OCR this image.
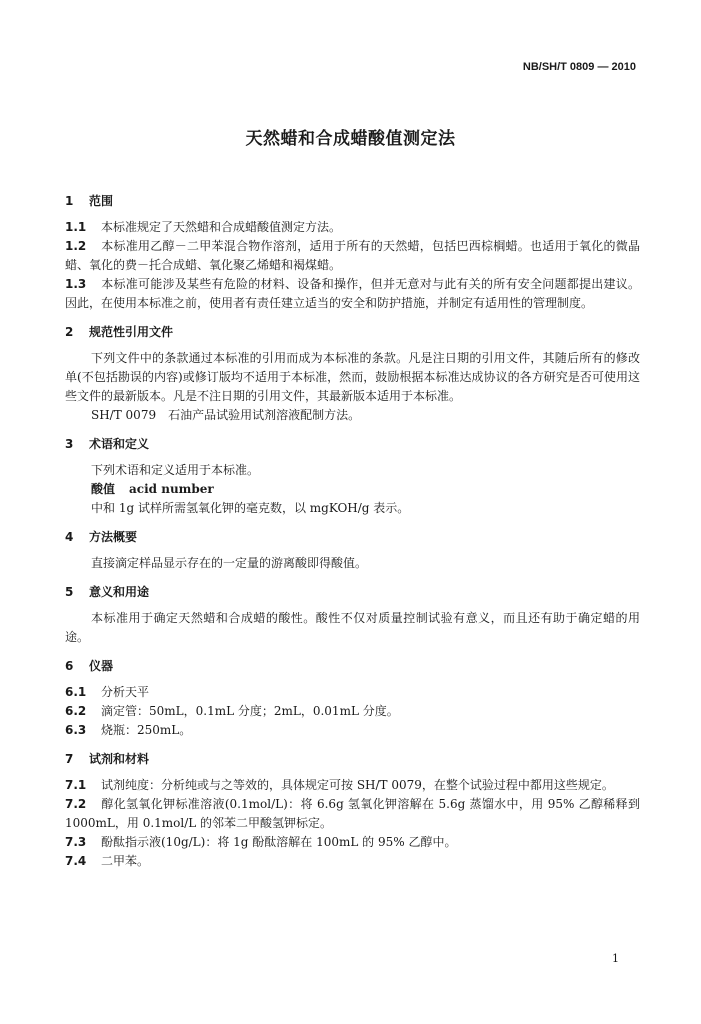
NB/SH/T 0809 — 2010
天然蜡和合成蜡酸值测定法
1 范围
1.1 本标准规定了天然蜡和合成蜡酸值测定方法。
1.2 本标准用乙醇－二甲苯混合物作溶剂，适用于所有的天然蜡，包括巴西棕榈蜡。也适用于氧化的微晶蜡、氧化的费－托合成蜡、氧化聚乙烯蜡和褐煤蜡。
1.3 本标准可能涉及某些有危险的材料、设备和操作，但并无意对与此有关的所有安全问题都提出建议。因此，在使用本标准之前，使用者有责任建立适当的安全和防护措施，并制定有适用性的管理制度。
2 规范性引用文件
下列文件中的条款通过本标准的引用而成为本标准的条款。凡是注日期的引用文件，其随后所有的修改单(不包括勘误的内容)或修订版均不适用于本标准，然而，鼓励根据本标准达成协议的各方研究是否可使用这些文件的最新版本。凡是不注日期的引用文件，其最新版本适用于本标准。
SH/T 0079　石油产品试验用试剂溶液配制方法。
3 术语和定义
下列术语和定义适用于本标准。
酸值 acid number
中和 1g 试样所需氢氧化钾的毫克数，以 mgKOH/g 表示。
4 方法概要
直接滴定样品显示存在的一定量的游离酸即得酸值。
5 意义和用途
本标准用于确定天然蜡和合成蜡的酸性。酸性不仅对质量控制试验有意义，而且还有助于确定蜡的用途。
6 仪器
6.1 分析天平
6.2 滴定管：50mL，0.1mL 分度；2mL，0.01mL 分度。
6.3 烧瓶：250mL。
7 试剂和材料
7.1 试剂纯度：分析纯或与之等效的，具体规定可按 SH/T 0079，在整个试验过程中都用这些规定。
7.2 醇化氢氧化钾标准溶液(0.1mol/L)：将 6.6g 氢氧化钾溶解在 5.6g 蒸馏水中，用 95% 乙醇稀释到 1000mL，用 0.1mol/L 的邻苯二甲酸氢钾标定。
7.3 酚酞指示液(10g/L)：将 1g 酚酞溶解在 100mL 的 95% 乙醇中。
7.4 二甲苯。
1
